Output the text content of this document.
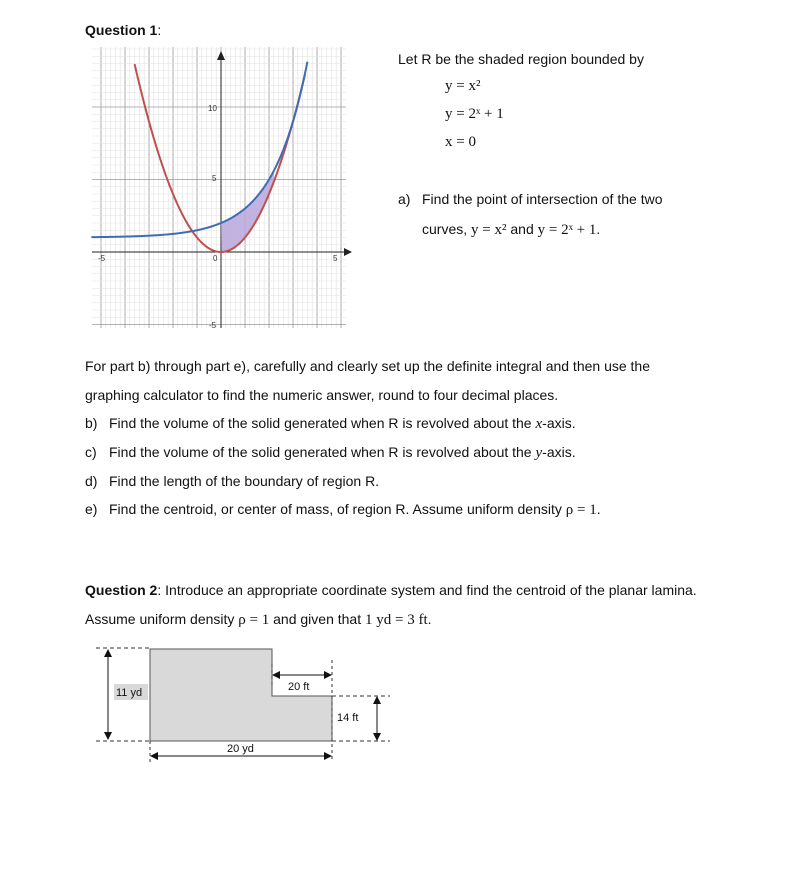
Question 1:
-5	0	5
10
5
-5
Let R be the shaded region bounded by
y = x²
y = 2ˣ + 1
x = 0
a) Find the point of intersection of the two
curves, y = x² and y = 2ˣ + 1.
For part b) through part e), carefully and clearly set up the definite integral and then use the
graphing calculator to find the numeric answer, round to four decimal places.
b) Find the volume of the solid generated when R is revolved about the x-axis.
c) Find the volume of the solid generated when R is revolved about the y-axis.
d) Find the length of the boundary of region R.
e) Find the centroid, or center of mass, of region R. Assume uniform density ρ = 1.
Question 2: Introduce an appropriate coordinate system and find the centroid of the planar lamina.
Assume uniform density ρ = 1 and given that 1 yd = 3 ft.
11 yd
20 yd
20 ft
14 ft
